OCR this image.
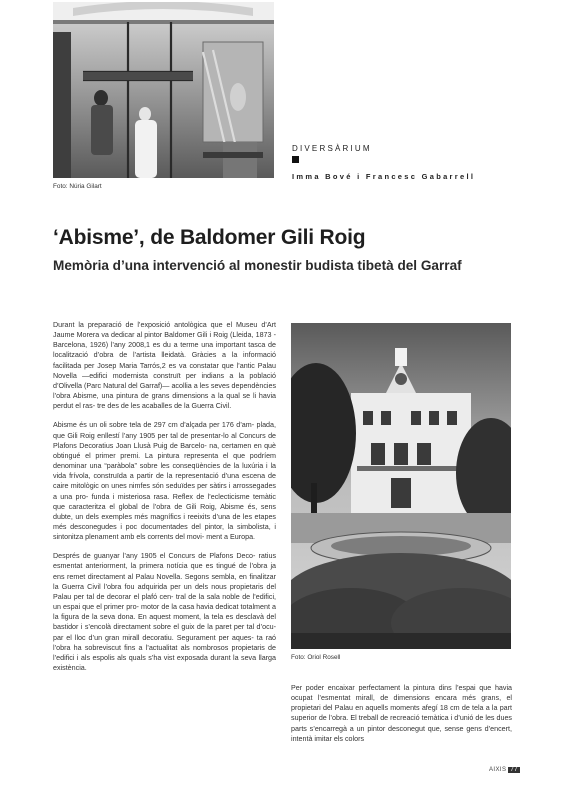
Foto: Núria Gilart
DIVERSÀRIUM
Imma Bové i Francesc Gabarrell
‘Abisme’, de Baldomer Gili Roig
Memòria d’una intervenció al monestir budista tibetà del Garraf

Durant la preparació de l’exposició antològica que el Museu d’Art Jaume Morera va dedicar al pintor Baldomer Gili i Roig (Lleida, 1873 - Barcelona, 1926) l’any 2008,1 es du a terme una important tasca de localització d’obra de l’artista lleidatà. Gràcies a la informació facilitada per Josep Maria Tarrós,2 es va constatar que l’antic Palau Novella —edifici modernista construït per indians a la població d’Olivella (Parc Natural del Garraf)— acollia a les seves dependències l’obra Abisme, una pintura de grans dimensions a la qual se li havia perdut el ras- tre des de les acaballes de la Guerra Civil.

Abisme és un oli sobre tela de 297 cm d’alçada per 176 d’am- plada, que Gili Roig enllestí l’any 1905 per tal de presentar-lo al Concurs de Plafons Decoratius Joan Llusà Puig de Barcelo- na, certamen en què obtingué el primer premi. La pintura representa el que podríem denominar una “paràbola” sobre les conseqüències de la luxúria i la vida frívola, construïda a partir de la representació d’una escena de caire mitològic on unes nimfes són seduïdes per sàtirs i arrossegades a una pro- funda i misteriosa rasa. Reflex de l’eclecticisme temàtic que caracteritza el global de l’obra de Gili Roig, Abisme és, sens dubte, un dels exemples més magnífics i reeixits d’una de les etapes més desconegudes i poc documentades del pintor, la simbolista, i sintonitza plenament amb els corrents del movi- ment a Europa.

Després de guanyar l’any 1905 el Concurs de Plafons Deco- ratius esmentat anteriorment, la primera notícia que es tingué de l’obra ja ens remet directament al Palau Novella. Segons sembla, en finalitzar la Guerra Civil l’obra fou adquirida per un dels nous propietaris del Palau per tal de decorar el plafó cen- tral de la sala noble de l’edifici, un espai que el primer pro- motor de la casa havia dedicat totalment a la figura de la seva dona. En aquest moment, la tela es desclavà del bastidor i s’encolà directament sobre el guix de la paret per tal d’ocu- par el lloc d’un gran mirall decoratiu. Segurament per aques- ta raó l’obra ha sobreviscut fins a l’actualitat als nombrosos propietaris de l’edifici i als espolis als quals s’ha vist exposada durant la seva llarga existència.

Foto: Oriol Rosell

Per poder encaixar perfectament la pintura dins l’espai que havia ocupat l’esmentat mirall, de dimensions encara més grans, el propietari del Palau en aquells moments afegí 18 cm de tela a la part superior de l’obra. El treball de recreació temàtica i d’unió de les dues parts s’encarregà a un pintor desconegut que, sense gens d’encert, intentà imitar els colors

AIXIS 77
